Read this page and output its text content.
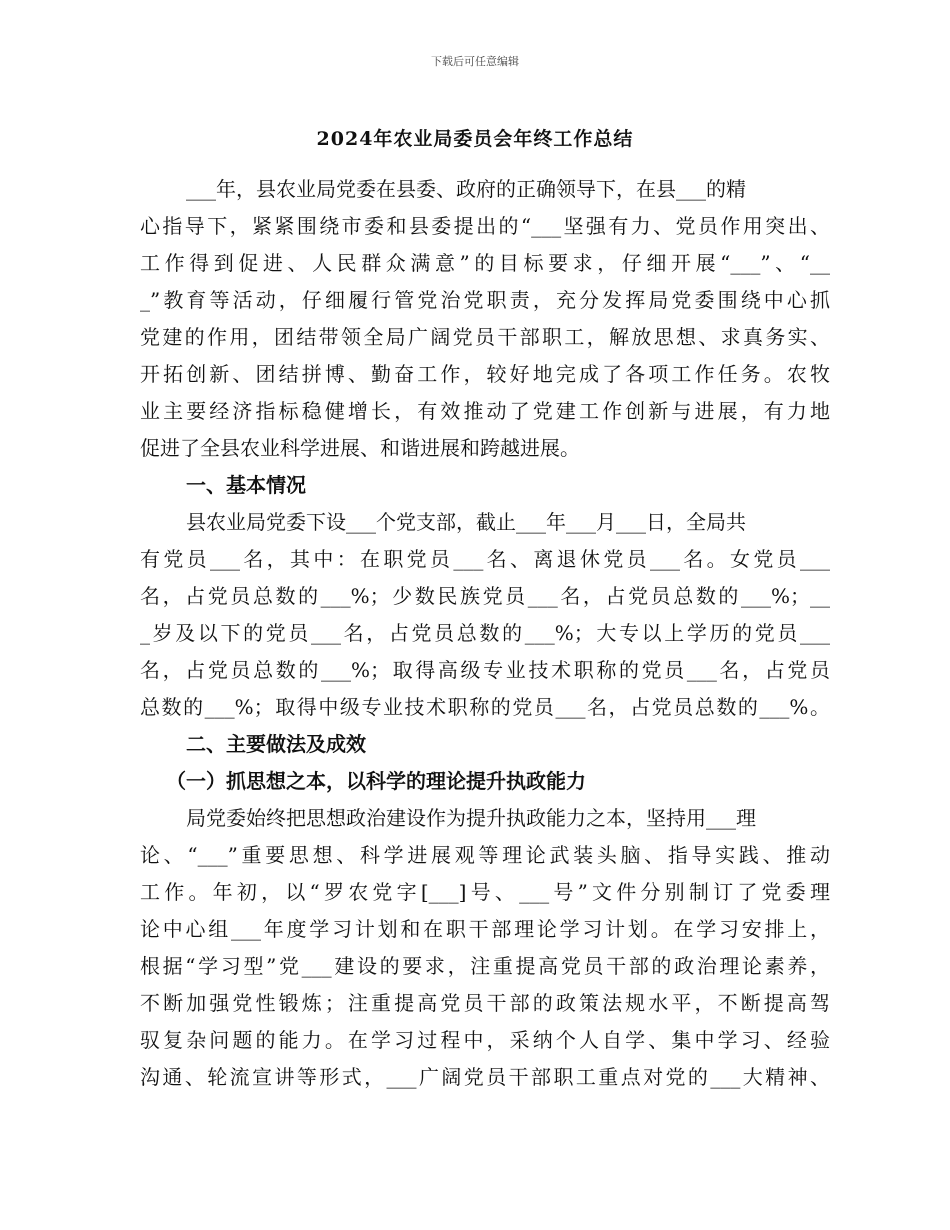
下载后可任意编辑
2024年农业局委员会年终工作总结
___年，县农业局党委在县委、政府的正确领导下，在县___的精
心指导下，紧紧围绕市委和县委提出的“___坚强有力、党员作用突出、
工作得到促进、人民群众满意”的目标要求，仔细开展“___”、“__
_”教育等活动，仔细履行管党治党职责，充分发挥局党委围绕中心抓
党建的作用，团结带领全局广阔党员干部职工，解放思想、求真务实、
开拓创新、团结拼博、勤奋工作，较好地完成了各项工作任务。农牧
业主要经济指标稳健增长，有效推动了党建工作创新与进展，有力地
促进了全县农业科学进展、和谐进展和跨越进展。
一、基本情况
县农业局党委下设___个党支部，截止___年___月___日，全局共
有党员___名，其中：在职党员___名、离退休党员___名。女党员___
名，占党员总数的___%；少数民族党员___名，占党员总数的___%；__
_岁及以下的党员___名，占党员总数的___%；大专以上学历的党员___
名，占党员总数的___%；取得高级专业技术职称的党员___名，占党员
总数的___%；取得中级专业技术职称的党员___名，占党员总数的___%。
二、主要做法及成效
（一）抓思想之本，以科学的理论提升执政能力
局党委始终把思想政治建设作为提升执政能力之本，坚持用___理
论、“___”重要思想、科学进展观等理论武装头脑、指导实践、推动
工作。年初，以“罗农党字[___]号、___号”文件分别制订了党委理
论中心组___年度学习计划和在职干部理论学习计划。在学习安排上，
根据“学习型”党___建设的要求，注重提高党员干部的政治理论素养，
不断加强党性锻炼；注重提高党员干部的政策法规水平，不断提高驾
驭复杂问题的能力。在学习过程中，采纳个人自学、集中学习、经验
沟通、轮流宣讲等形式，___广阔党员干部职工重点对党的___大精神、
